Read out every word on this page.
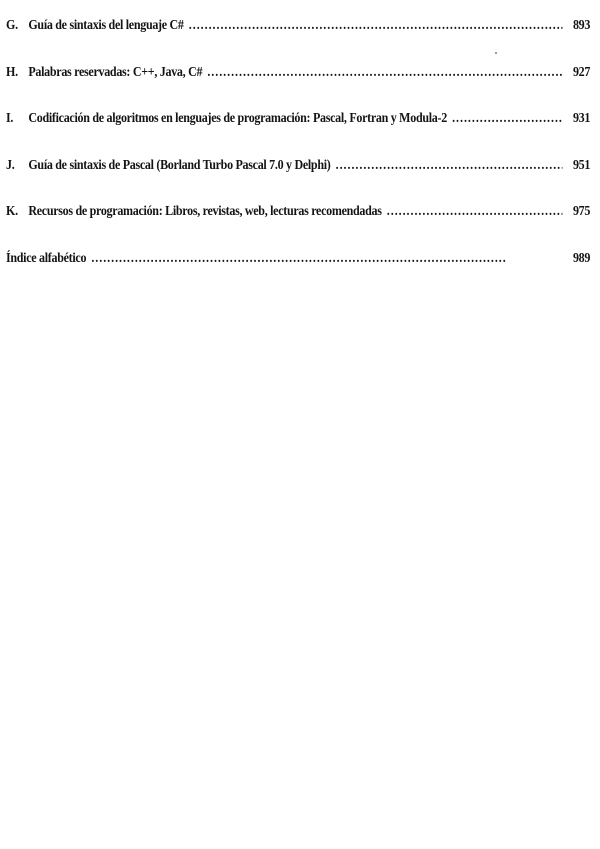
G. Guía de sintaxis del lenguaje C# . . .	893
H. Palabras reservadas: C++, Java, C# . . .	927
I.	Codificación de algoritmos en lenguajes de programación: Pascal, Fortran y Modula-2 . . .	931
J. Guía de sintaxis de Pascal (Borland Turbo Pascal 7.0 y Delphi) . . .	951
K. Recursos de programación: Libros, revistas, web, lecturas recomendadas . . .	975
Índice alfabético . . .	989
